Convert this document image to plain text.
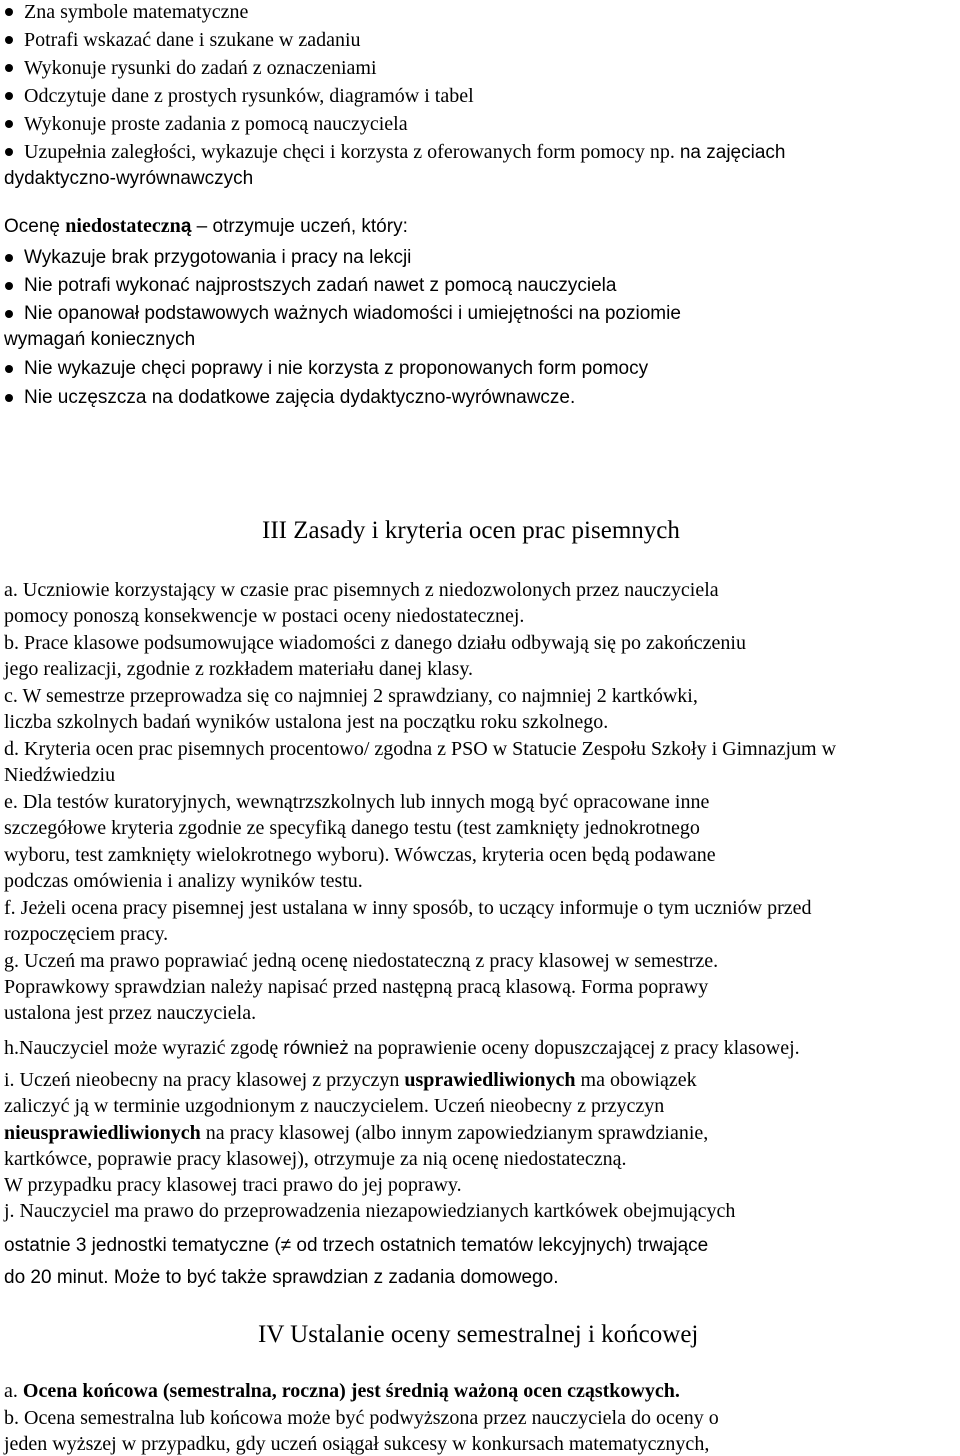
Zna symbole matematyczne
Potrafi wskazać dane i szukane w zadaniu
Wykonuje rysunki do zadań z oznaczeniami
Odczytuje dane z prostych rysunków, diagramów i tabel
Wykonuje proste zadania z pomocą nauczyciela
Uzupełnia zaległości, wykazuje chęci i korzysta z oferowanych form pomocy np. na zajęciach
dydaktyczno-wyrównawczych
Ocenę niedostateczną – otrzymuje uczeń, który:
Wykazuje brak przygotowania i pracy na lekcji
Nie potrafi wykonać najprostszych zadań nawet z pomocą nauczyciela
Nie opanował podstawowych ważnych wiadomości i umiejętności na poziomie
wymagań koniecznych
Nie wykazuje chęci poprawy i nie korzysta z proponowanych form pomocy
Nie uczęszcza na dodatkowe zajęcia dydaktyczno-wyrównawcze.
III Zasady i kryteria ocen prac pisemnych
a. Uczniowie korzystający w czasie prac pisemnych z niedozwolonych przez nauczyciela
pomocy ponoszą konsekwencje w postaci oceny niedostatecznej.
b. Prace klasowe podsumowujące wiadomości z danego działu odbywają się po zakończeniu
jego realizacji, zgodnie z rozkładem materiału danej klasy.
c. W semestrze przeprowadza się co najmniej 2 sprawdziany, co najmniej 2 kartkówki,
liczba szkolnych badań wyników ustalona jest na początku roku szkolnego.
d. Kryteria ocen prac pisemnych procentowo/ zgodna z PSO w Statucie Zespołu Szkoły i Gimnazjum w
Niedźwiedziu
e. Dla testów kuratoryjnych, wewnątrzszkolnych lub innych mogą być opracowane inne
szczegółowe kryteria zgodnie ze specyfiką danego testu (test zamknięty jednokrotnego
wyboru, test zamknięty wielokrotnego wyboru). Wówczas, kryteria ocen będą podawane
podczas omówienia i analizy wyników testu.
f. Jeżeli ocena pracy pisemnej jest ustalana w inny sposób, to uczący informuje o tym uczniów przed
rozpoczęciem pracy.
g. Uczeń ma prawo poprawiać jedną ocenę niedostateczną z pracy klasowej w semestrze.
Poprawkowy sprawdzian należy napisać przed następną pracą klasową. Forma poprawy
ustalona jest przez nauczyciela.
h.Nauczyciel może wyrazić zgodę również na poprawienie oceny dopuszczającej z pracy klasowej.
i. Uczeń nieobecny na pracy klasowej z przyczyn usprawiedliwionych ma obowiązek
zaliczyć ją w terminie uzgodnionym z nauczycielem. Uczeń nieobecny z przyczyn
nieusprawiedliwionych na pracy klasowej (albo innym zapowiedzianym sprawdzianie,
kartkówce, poprawie pracy klasowej), otrzymuje za nią ocenę niedostateczną.
W przypadku pracy klasowej traci prawo do jej poprawy.
j. Nauczyciel ma prawo do przeprowadzenia niezapowiedzianych kartkówek obejmujących
ostatnie 3 jednostki tematyczne (≠ od trzech ostatnich tematów lekcyjnych) trwające
do 20 minut. Może to być także sprawdzian z zadania domowego.
IV Ustalanie oceny semestralnej i końcowej
a. Ocena końcowa (semestralna, roczna) jest średnią ważoną ocen cząstkowych.
b. Ocena semestralna lub końcowa może być podwyższona przez nauczyciela do oceny o
jeden wyższej w przypadku, gdy uczeń osiągał sukcesy w konkursach matematycznych,
